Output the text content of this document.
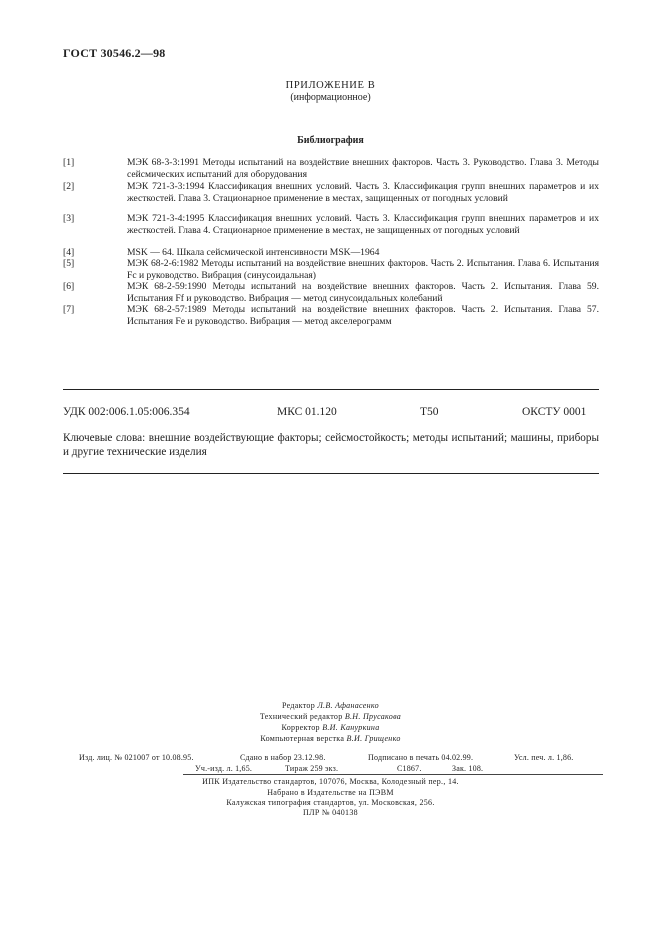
ГОСТ 30546.2—98
ПРИЛОЖЕНИЕ В
(информационное)
Библиография
[1]	МЭК 68-3-3:1991 Методы испытаний на воздействие внешних факторов. Часть 3. Руководство. Глава 3. Методы сейсмических испытаний для оборудования
[2]	МЭК 721-3-3:1994 Классификация внешних условий. Часть 3. Классификация групп внешних параметров и их жесткостей. Глава 3. Стационарное применение в местах, защищенных от погодных условий
[3]	МЭК 721-3-4:1995 Классификация внешних условий. Часть 3. Классификация групп внешних параметров и их жесткостей. Глава 4. Стационарное применение в местах, не защищенных от погодных условий
[4]	MSK — 64. Шкала сейсмической интенсивности MSK—1964
[5]	МЭК 68-2-6:1982 Методы испытаний на воздействие внешних факторов. Часть 2. Испытания. Глава 6. Испытания Fc и руководство. Вибрация (синусоидальная)
[6]	МЭК 68-2-59:1990 Методы испытаний на воздействие внешних факторов. Часть 2. Испытания. Глава 59. Испытания Ff и руководство. Вибрация — метод синусоидальных колебаний
[7]	МЭК 68-2-57:1989 Методы испытаний на воздействие внешних факторов. Часть 2. Испытания. Глава 57. Испытания Fe и руководство. Вибрация — метод акселерограмм
УДК 002:006.1.05:006.354	МКС 01.120	T50	ОКСТУ 0001
Ключевые слова: внешние воздействующие факторы; сейсмостойкость; методы испытаний; машины, приборы и другие технические изделия
Редактор Л.В. Афанасенко
Технический редактор В.Н. Прусакова
Корректор В.И. Кануркина
Компьютерная верстка В.И. Грищенко
Изд. лиц. № 021007 от 10.08.95.	Сдано в набор 23.12.98.	Подписано в печать 04.02.99.	Усл. печ. л. 1,86.
Уч.-изд. л. 1,65.	Тираж 259 экз.	C1867.	Зак. 108.
ИПК Издательство стандартов, 107076, Москва, Колодезный пер., 14.
Набрано в Издательстве на ПЭВМ
Калужская типография стандартов, ул. Московская, 256.
ПЛР № 040138
